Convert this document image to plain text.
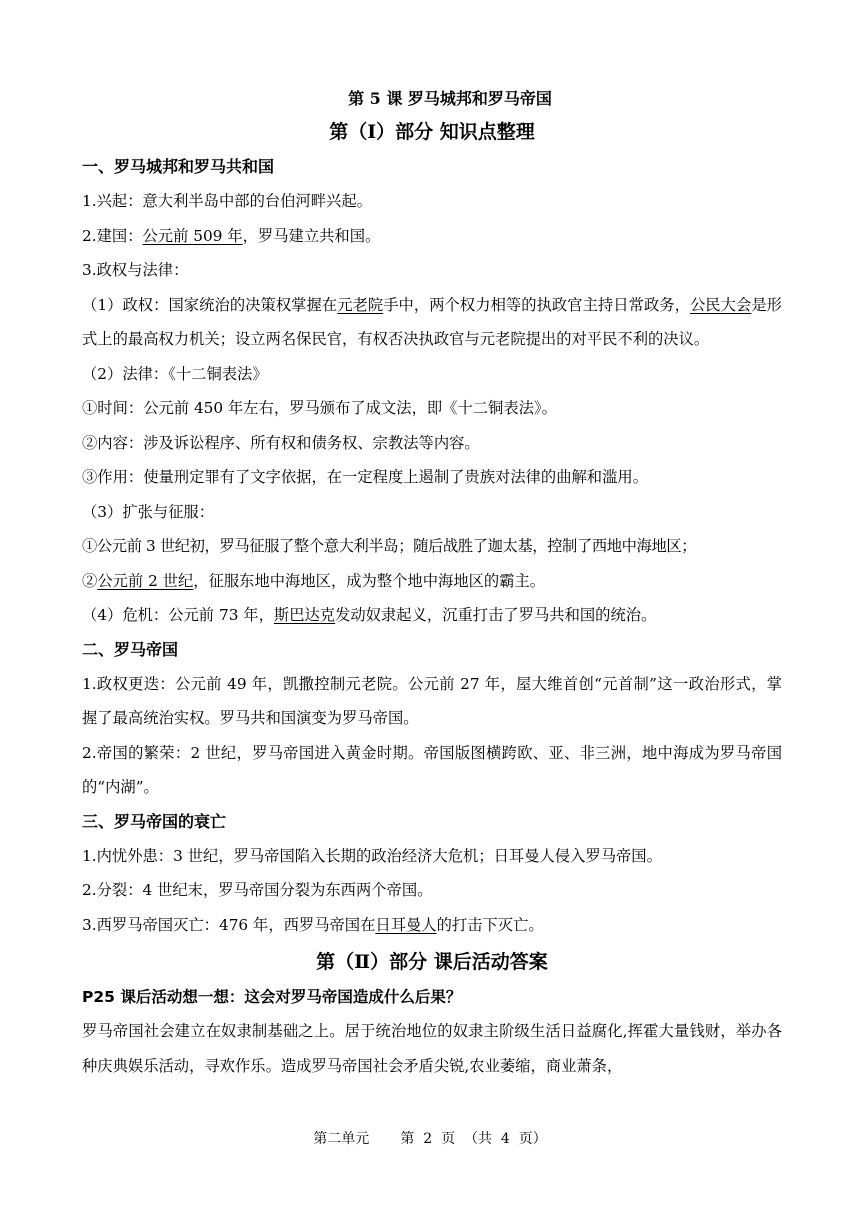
第 5 课 罗马城邦和罗马帝国
第（Ⅰ）部分 知识点整理
一、罗马城邦和罗马共和国
1.兴起：意大利半岛中部的台伯河畔兴起。
2.建国：公元前 509 年，罗马建立共和国。
3.政权与法律：
（1）政权：国家统治的决策权掌握在元老院手中，两个权力相等的执政官主持日常政务，公民大会是形式上的最高权力机关；设立两名保民官，有权否决执政官与元老院提出的对平民不利的决议。
（2）法律：《十二铜表法》
①时间：公元前 450 年左右，罗马颁布了成文法，即《十二铜表法》。
②内容：涉及诉讼程序、所有权和债务权、宗教法等内容。
③作用：使量刑定罪有了文字依据，在一定程度上遏制了贵族对法律的曲解和滥用。
（3）扩张与征服：
①公元前 3 世纪初，罗马征服了整个意大利半岛；随后战胜了迦太基，控制了西地中海地区；
②公元前 2 世纪，征服东地中海地区，成为整个地中海地区的霸主。
（4）危机：公元前 73 年，斯巴达克发动奴隶起义，沉重打击了罗马共和国的统治。
二、罗马帝国
1.政权更迭：公元前 49 年，凯撒控制元老院。公元前 27 年，屋大维首创“元首制”这一政治形式，掌握了最高统治实权。罗马共和国演变为罗马帝国。
2.帝国的繁荣：2 世纪，罗马帝国进入黄金时期。帝国版图横跨欧、亚、非三洲，地中海成为罗马帝国的“内湖”。
三、罗马帝国的衰亡
1.内忧外患：3 世纪，罗马帝国陷入长期的政治经济大危机；日耳曼人侵入罗马帝国。
2.分裂：4 世纪末，罗马帝国分裂为东西两个帝国。
3.西罗马帝国灭亡：476 年，西罗马帝国在日耳曼人的打击下灭亡。
第（Ⅱ）部分 课后活动答案
P25 课后活动想一想：这会对罗马帝国造成什么后果？
罗马帝国社会建立在奴隶制基础之上。居于统治地位的奴隶主阶级生活日益腐化,挥霍大量钱财，举办各种庆典娱乐活动，寻欢作乐。造成罗马帝国社会矛盾尖锐,农业萎缩，商业萧条，
第二单元 第  2  页  （共  4  页）
